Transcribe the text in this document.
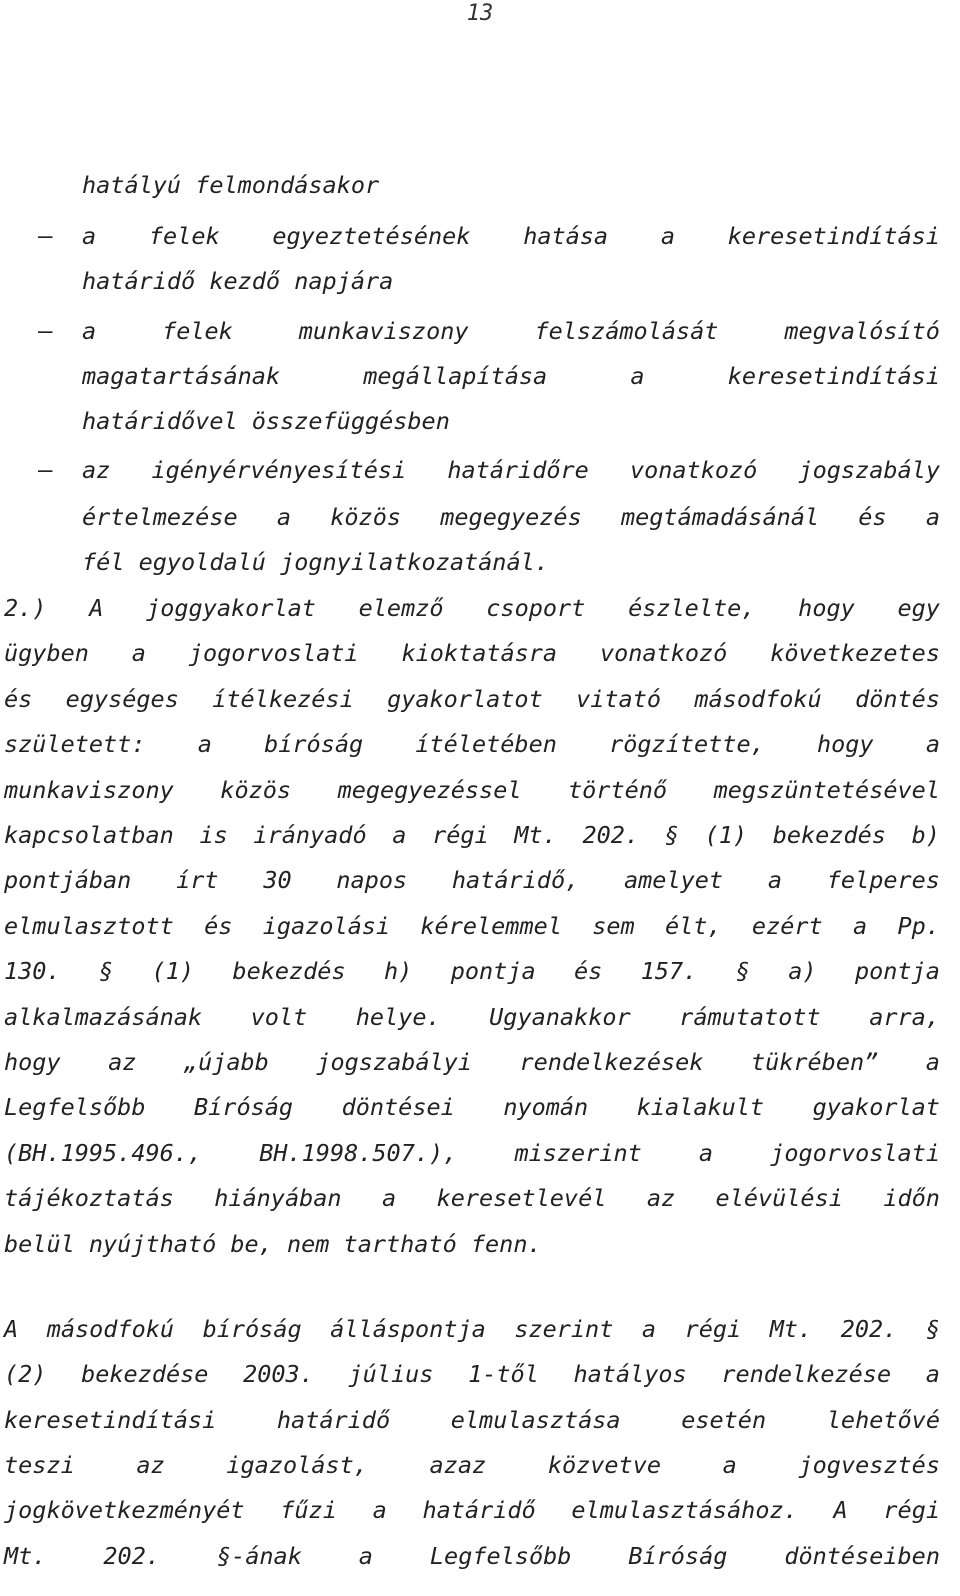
13
hatályú felmondásakor
– a felek egyeztetésének hatása a keresetindítási
határidő kezdő napjára
– a	felek	munkaviszony	felszámolását	megvalósító
magatartásának	megállapítása	a	keresetindítási
határidővel összefüggésben
– az igényérvényesítési határidőre vonatkozó jogszabály
értelmezése a közös megegyezés megtámadásánál és a
fél egyoldalú jognyilatkozatánál.
2.) A joggyakorlat elemző csoport észlelte, hogy egy
ügyben a jogorvoslati kioktatásra vonatkozó következetes
és egységes ítélkezési gyakorlatot vitató másodfokú döntés
született: a bíróság ítéletében rögzítette, hogy a
munkaviszony közös megegyezéssel történő megszüntetésével
kapcsolatban is irányadó a régi Mt. 202. § (1) bekezdés b)
pontjában írt 30 napos határidő, amelyet a felperes
elmulasztott és igazolási kérelemmel sem élt, ezért a Pp.
130. § (1) bekezdés h) pontja és 157. § a) pontja
alkalmazásának volt helye. Ugyanakkor rámutatott arra,
hogy az „újabb jogszabályi rendelkezések tükrében” a
Legfelsőbb Bíróság döntései nyomán kialakult gyakorlat
(BH.1995.496., BH.1998.507.), miszerint a jogorvoslati
tájékoztatás hiányában a keresetlevél az elévülési időn
belül nyújtható be, nem tartható fenn.
A másodfokú bíróság álláspontja szerint a régi Mt. 202. §
(2) bekezdése 2003. július 1-től hatályos rendelkezése a
keresetindítási	határidő	elmulasztása	esetén	lehetővé
teszi	az	igazolást,	azaz	közvetve	a	jogvesztés
jogkövetkezményét fűzi a határidő elmulasztásához. A régi
Mt. 202. §-ának a Legfelsőbb Bíróság döntéseiben
